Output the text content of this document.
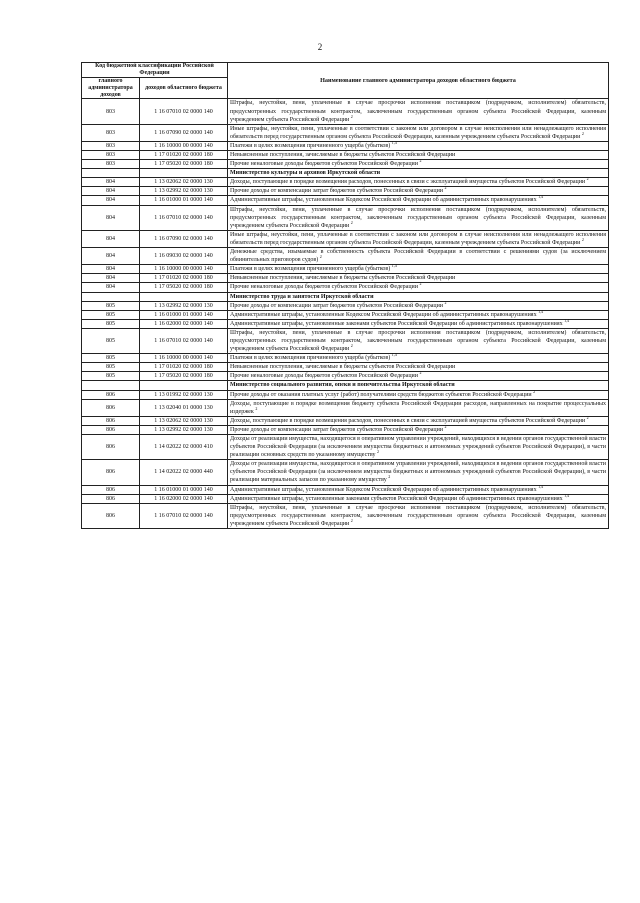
2
Код бюджетной классификации Российской Федерации		Наименование главного администратора доходов областного бюджета
главного администратора доходов	доходов областного бюджета	
803	1 16 07010 02 0000 140	Штрафы, неустойки, пени, уплаченные в случае просрочки исполнения поставщиком (подрядчиком, исполнителем) обязательств, предусмотренных государственным контрактом, заключенным государственным органом субъекта Российской Федерации, казенным учреждением субъекта Российской Федерации $^2$
803	1 16 07090 02 0000 140	Иные штрафы, неустойки, пени, уплаченные в соответствии с законом или договором в случае неисполнения или ненадлежащего исполнения обязательств перед государственным органом субъекта Российской Федерации, казенным учреждением субъекта Российской Федерации $^2$
803	1 16 10000 00 0000 140	Платежи в целях возмещения причиненного ущерба (убытков) $^{1,4}$
803	1 17 01020 02 0000 180	Невыясненные поступления, зачисляемые в бюджеты субъектов Российской Федерации
803	1 17 05020 02 0000 180	Прочие неналоговые доходы бюджетов субъектов Российской Федерации $^2$
		Министерство культуры и архивов Иркутской области
804	1 13 02062 02 0000 130	Доходы, поступающие в порядке возмещения расходов, понесенных в связи с эксплуатацией имущества субъектов Российской Федерации $^2$
804	1 13 02992 02 0000 130	Прочие доходы от компенсации затрат бюджетов субъектов Российской Федерации $^2$
804	1 16 01000 01 0000 140	Административные штрафы, установленные Кодексом Российской Федерации об административных правонарушениях $^{1,4}$
804	1 16 07010 02 0000 140	Штрафы, неустойки, пени, уплаченные в случае просрочки исполнения поставщиком (подрядчиком, исполнителем) обязательств, предусмотренных государственным контрактом, заключенным государственным органом субъекта Российской Федерации, казенным учреждением субъекта Российской Федерации $^2$
804	1 16 07090 02 0000 140	Иные штрафы, неустойки, пени, уплаченные в соответствии с законом или договором в случае неисполнения или ненадлежащего исполнения обязательств перед государственным органом субъекта Российской Федерации, казенным учреждением субъекта Российской Федерации $^2$
804	1 16 09030 02 0000 140	Денежные средства, изымаемые в собственность субъекта Российской Федерации в соответствии с решениями судов (за исключением обвинительных приговоров судов) $^2$
804	1 16 10000 00 0000 140	Платежи в целях возмещения причиненного ущерба (убытков) $^{1,4}$
804	1 17 01020 02 0000 180	Невыясненные поступления, зачисляемые в бюджеты субъектов Российской Федерации
804	1 17 05020 02 0000 180	Прочие неналоговые доходы бюджетов субъектов Российской Федерации $^2$
		Министерство труда и занятости Иркутской области
805	1 13 02992 02 0000 130	Прочие доходы от компенсации затрат бюджетов субъектов Российской Федерации $^2$
805	1 16 01000 01 0000 140	Административные штрафы, установленные Кодексом Российской Федерации об административных правонарушениях $^{1,4}$
805	1 16 02000 02 0000 140	Административные штрафы, установленные законами субъектов Российской Федерации об административных правонарушениях $^{1,4}$
805	1 16 07010 02 0000 140	Штрафы, неустойки, пени, уплаченные в случае просрочки исполнения поставщиком (подрядчиком, исполнителем) обязательств, предусмотренных государственным контрактом, заключенным государственным органом субъекта Российской Федерации, казенным учреждением субъекта Российской Федерации $^2$
805	1 16 10000 00 0000 140	Платежи в целях возмещения причиненного ущерба (убытков) $^{1,4}$
805	1 17 01020 02 0000 180	Невыясненные поступления, зачисляемые в бюджеты субъектов Российской Федерации
805	1 17 05020 02 0000 180	Прочие неналоговые доходы бюджетов субъектов Российской Федерации $^2$
		Министерство социального развития, опеки и попечительства Иркутской области
806	1 13 01992 02 0000 130	Прочие доходы от оказания платных услуг (работ) получателями средств бюджетов субъектов Российской Федерации $^2$
806	1 13 02040 01 0000 130	Доходы, поступающие в порядке возмещения бюджету субъекта Российской Федерации расходов, направленных на покрытие процессуальных издержек $^2$
806	1 13 02062 02 0000 130	Доходы, поступающие в порядке возмещения расходов, понесенных в связи с эксплуатацией имущества субъектов Российской Федерации $^2$
806	1 13 02992 02 0000 130	Прочие доходы от компенсации затрат бюджетов субъектов Российской Федерации $^2$
806	1 14 02022 02 0000 410	Доходы от реализации имущества, находящегося в оперативном управлении учреждений, находящихся в ведении органов государственной власти субъектов Российской Федерации (за исключением имущества бюджетных и автономных учреждений субъектов Российской Федерации), в части реализации основных средств по указанному имуществу $^2$
806	1 14 02022 02 0000 440	Доходы от реализации имущества, находящегося в оперативном управлении учреждений, находящихся в ведении органов государственной власти субъектов Российской Федерации (за исключением имущества бюджетных и автономных учреждений субъектов Российской Федерации), в части реализации материальных запасов по указанному имуществу $^2$
806	1 16 01000 01 0000 140	Административные штрафы, установленные Кодексом Российской Федерации об административных правонарушениях $^{1,4}$
806	1 16 02000 02 0000 140	Административные штрафы, установленные законами субъектов Российской Федерации об административных правонарушениях $^{1,4}$
806	1 16 07010 02 0000 140	Штрафы, неустойки, пени, уплаченные в случае просрочки исполнения поставщиком (подрядчиком, исполнителем) обязательств, предусмотренных государственным контрактом, заключенным государственным органом субъекта Российской Федерации, казенным учреждением субъекта Российской Федерации $^2$
